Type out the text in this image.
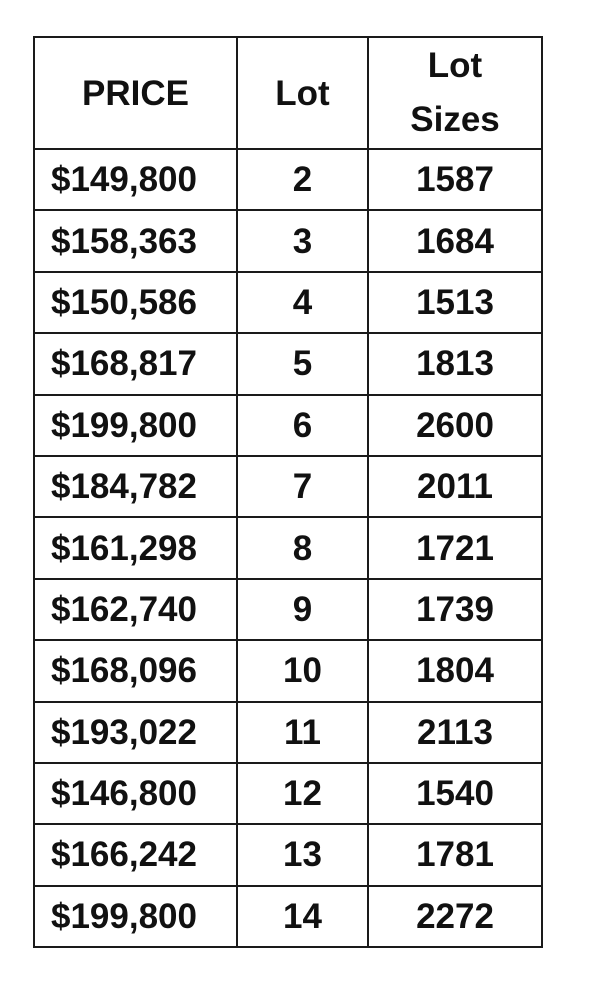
PRICE	Lot	Lot
Sizes

$149,800	2	1587
$158,363	3	1684
$150,586	4	1513
$168,817	5	1813
$199,800	6	2600
$184,782	7	2011
$161,298	8	1721
$162,740	9	1739
$168,096	10	1804
$193,022	11	2113
$146,800	12	1540
$166,242	13	1781
$199,800	14	2272
